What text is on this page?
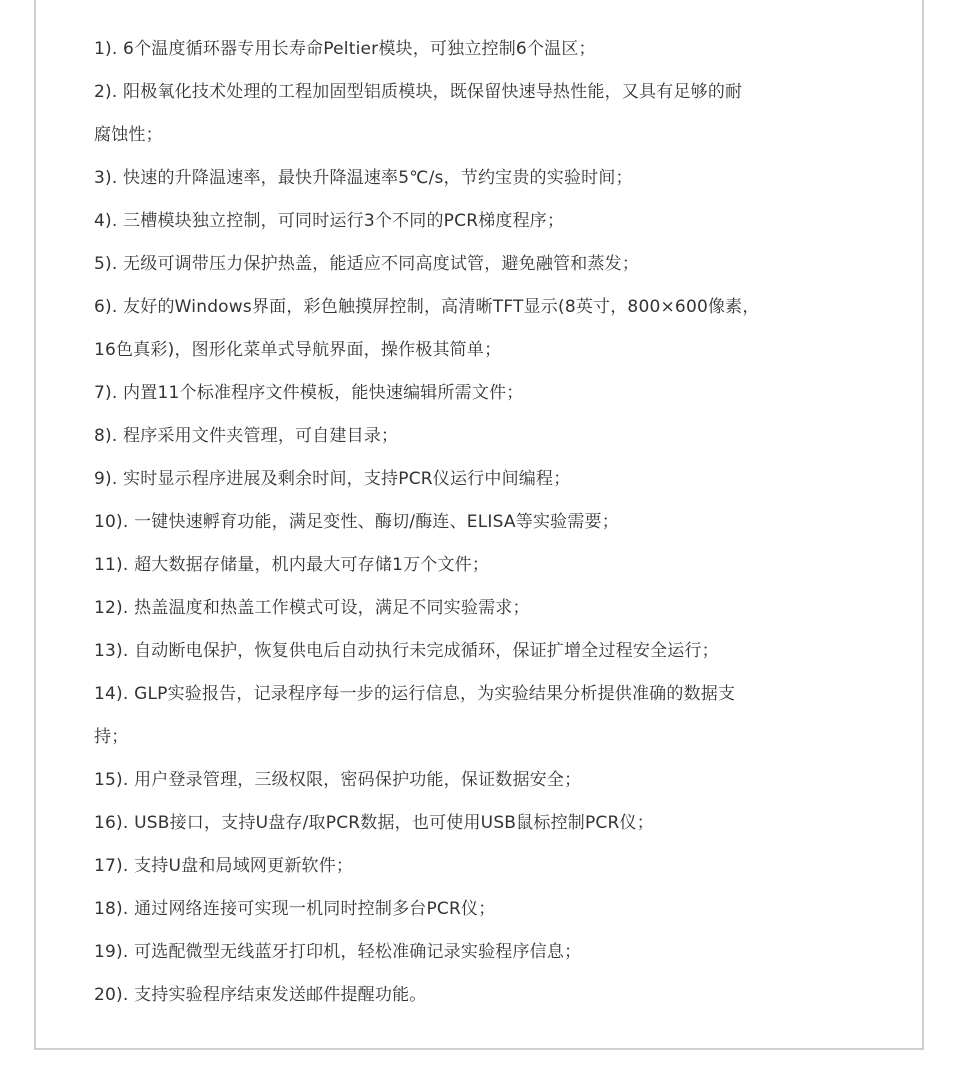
1). 6个温度循环器专用长寿命Peltier模块，可独立控制6个温区；
2). 阳极氧化技术处理的工程加固型铝质模块，既保留快速导热性能，又具有足够的耐
腐蚀性；
3). 快速的升降温速率，最快升降温速率5℃/s，节约宝贵的实验时间；
4). 三槽模块独立控制，可同时运行3个不同的PCR梯度程序；
5). 无级可调带压力保护热盖，能适应不同高度试管，避免融管和蒸发；
6). 友好的Windows界面，彩色触摸屏控制，高清晰TFT显示(8英寸，800×600像素，
16色真彩)，图形化菜单式导航界面，操作极其简单；
7). 内置11个标准程序文件模板，能快速编辑所需文件；
8). 程序采用文件夹管理，可自建目录；
9). 实时显示程序进展及剩余时间，支持PCR仪运行中间编程；
10). 一键快速孵育功能，满足变性、酶切/酶连、ELISA等实验需要；
11). 超大数据存储量，机内最大可存储1万个文件；
12). 热盖温度和热盖工作模式可设，满足不同实验需求；
13). 自动断电保护，恢复供电后自动执行未完成循环，保证扩增全过程安全运行；
14). GLP实验报告，记录程序每一步的运行信息，为实验结果分析提供准确的数据支
持；
15). 用户登录管理，三级权限，密码保护功能，保证数据安全；
16). USB接口，支持U盘存/取PCR数据，也可使用USB鼠标控制PCR仪；
17). 支持U盘和局域网更新软件；
18). 通过网络连接可实现一机同时控制多台PCR仪；
19). 可选配微型无线蓝牙打印机，轻松准确记录实验程序信息；
20). 支持实验程序结束发送邮件提醒功能。
